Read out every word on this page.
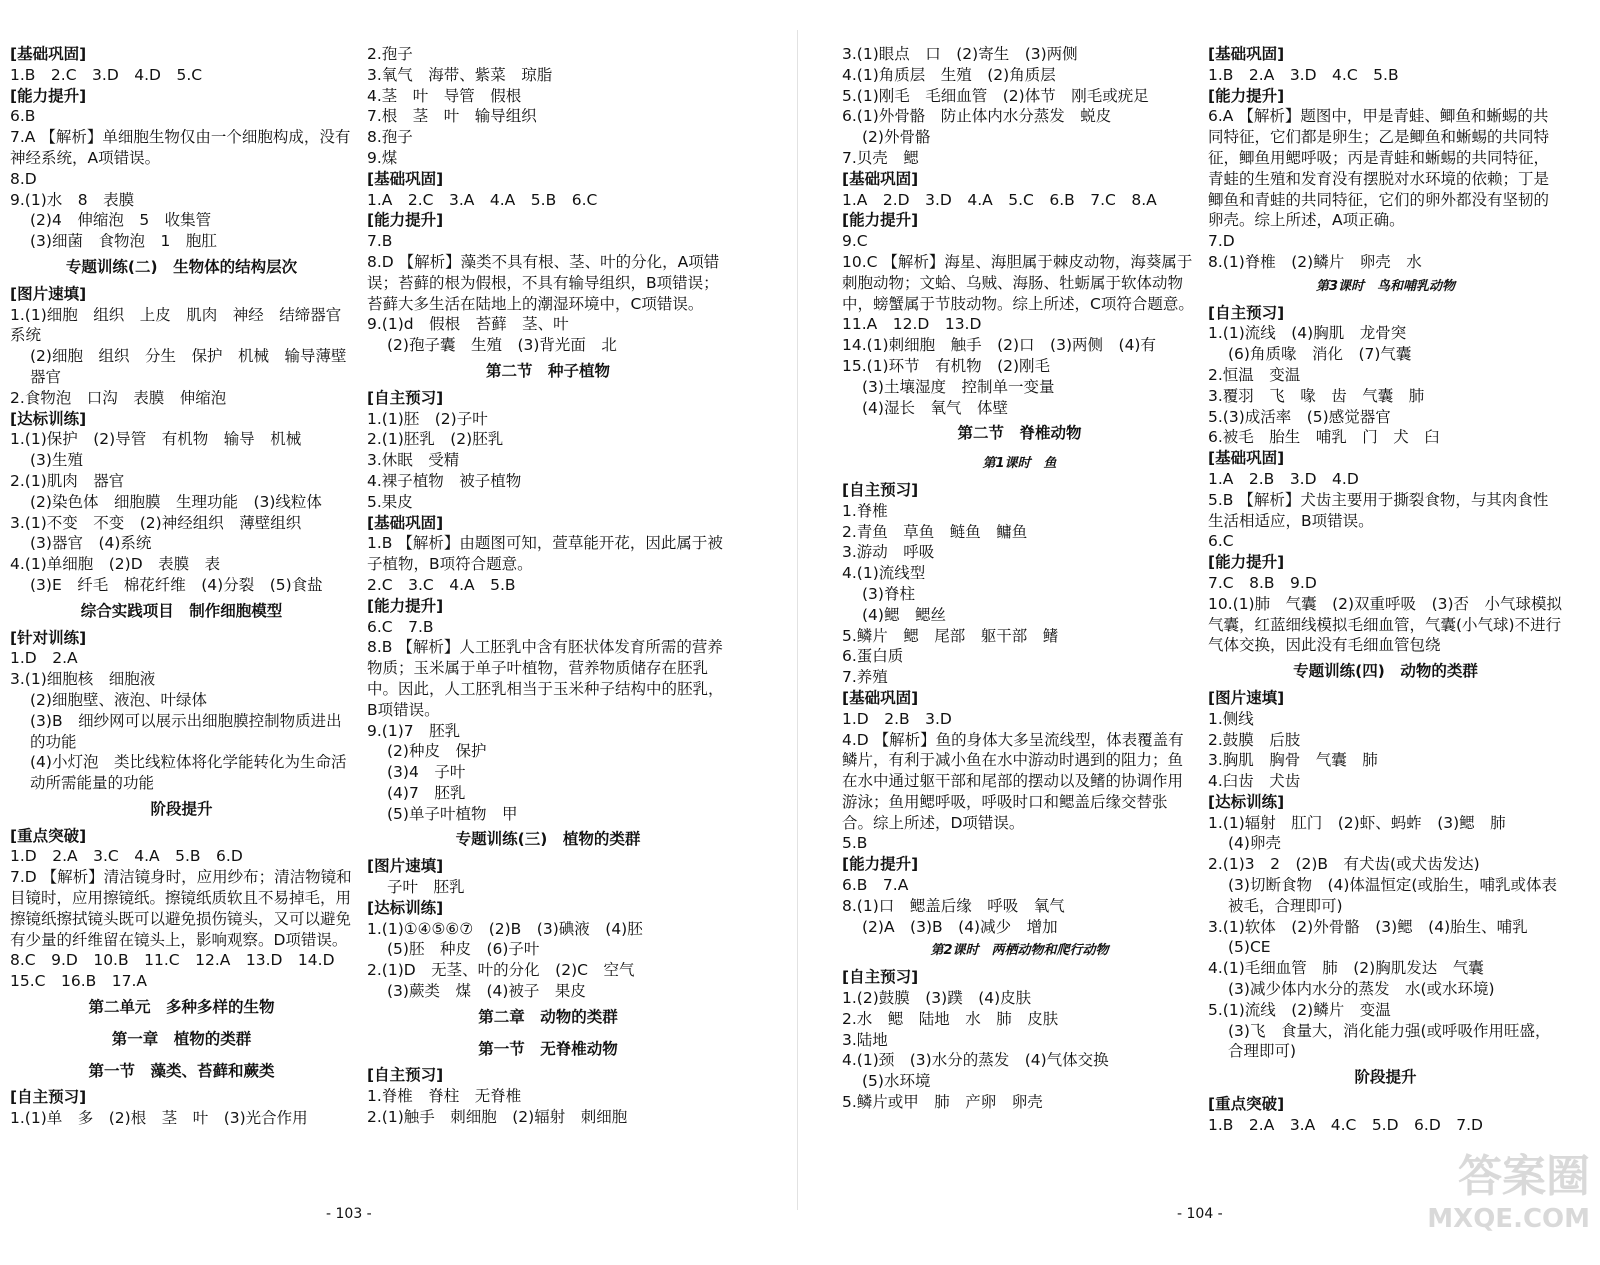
[基础巩固]
1.B　2.C　3.D　4.D　5.C
[能力提升]
6.B
7.A 【解析】单细胞生物仅由一个细胞构成，没有神经系统，A项错误。
8.D
9.(1)水　8　表膜
(2)4　伸缩泡　5　收集管
(3)细菌　食物泡　1　胞肛
专题训练(二)　生物体的结构层次
[图片速填]
1.(1)细胞　组织　上皮　肌肉　神经　结缔器官　系统
(2)细胞　组织　分生　保护　机械　输导薄壁　器官
2.食物泡　口沟　表膜　伸缩泡
[达标训练]
1.(1)保护　(2)导管　有机物　输导　机械
(3)生殖
2.(1)肌肉　器官
(2)染色体　细胞膜　生理功能　(3)线粒体
3.(1)不变　不变　(2)神经组织　薄壁组织
(3)器官　(4)系统
4.(1)单细胞　(2)D　表膜　表
(3)E　纤毛　棉花纤维　(4)分裂　(5)食盐
综合实践项目　制作细胞模型
[针对训练]
1.D　2.A
3.(1)细胞核　细胞液
(2)细胞壁、液泡、叶绿体
(3)B　细纱网可以展示出细胞膜控制物质进出的功能
(4)小灯泡　类比线粒体将化学能转化为生命活动所需能量的功能
阶段提升
[重点突破]
1.D　2.A　3.C　4.A　5.B　6.D
7.D 【解析】清洁镜身时，应用纱布；清洁物镜和目镜时，应用擦镜纸。擦镜纸质软且不易掉毛，用擦镜纸擦拭镜头既可以避免损伤镜头，又可以避免有少量的纤维留在镜头上，影响观察。D项错误。
8.C　9.D　10.B　11.C　12.A　13.D　14.D
15.C　16.B　17.A
第二单元　多种多样的生物
第一章　植物的类群
第一节　藻类、苔藓和蕨类
[自主预习]
1.(1)单　多　(2)根　茎　叶　(3)光合作用
2.孢子
3.氧气　海带、紫菜　琼脂
4.茎　叶　导管　假根
7.根　茎　叶　输导组织
8.孢子
9.煤
[基础巩固]
1.A　2.C　3.A　4.A　5.B　6.C
[能力提升]
7.B
8.D 【解析】藻类不具有根、茎、叶的分化，A项错误；苔藓的根为假根，不具有输导组织，B项错误；苔藓大多生活在陆地上的潮湿环境中，C项错误。
9.(1)d　假根　苔藓　茎、叶
(2)孢子囊　生殖　(3)背光面　北
第二节　种子植物
[自主预习]
1.(1)胚　(2)子叶
2.(1)胚乳　(2)胚乳
3.休眠　受精
4.裸子植物　被子植物
5.果皮
[基础巩固]
1.B 【解析】由题图可知，萱草能开花，因此属于被子植物，B项符合题意。
2.C　3.C　4.A　5.B
[能力提升]
6.C　7.B
8.B 【解析】人工胚乳中含有胚状体发育所需的营养物质；玉米属于单子叶植物，营养物质储存在胚乳中。因此，人工胚乳相当于玉米种子结构中的胚乳，B项错误。
9.(1)7　胚乳
(2)种皮　保护
(3)4　子叶
(4)7　胚乳
(5)单子叶植物　甲
专题训练(三)　植物的类群
[图片速填]
子叶　胚乳
[达标训练]
1.(1)①④⑤⑥⑦　(2)B　(3)碘液　(4)胚
(5)胚　种皮　(6)子叶
2.(1)D　无茎、叶的分化　(2)C　空气
(3)蕨类　煤　(4)被子　果皮
第二章　动物的类群
第一节　无脊椎动物
[自主预习]
1.脊椎　脊柱　无脊椎
2.(1)触手　刺细胞　(2)辐射　刺细胞
3.(1)眼点　口　(2)寄生　(3)两侧
4.(1)角质层　生殖　(2)角质层
5.(1)刚毛　毛细血管　(2)体节　刚毛或疣足
6.(1)外骨骼　防止体内水分蒸发　蜕皮
(2)外骨骼
7.贝壳　鳃
[基础巩固]
1.A　2.D　3.D　4.A　5.C　6.B　7.C　8.A
[能力提升]
9.C
10.C 【解析】海星、海胆属于棘皮动物，海葵属于刺胞动物；文蛤、乌贼、海肠、牡蛎属于软体动物中，螃蟹属于节肢动物。综上所述，C项符合题意。
11.A　12.D　13.D
14.(1)刺细胞　触手　(2)口　(3)两侧　(4)有
15.(1)环节　有机物　(2)刚毛
(3)土壤湿度　控制单一变量
(4)湿长　氧气　体壁
第二节　脊椎动物
第1课时　鱼
[自主预习]
1.脊椎
2.青鱼　草鱼　鲢鱼　鳙鱼
3.游动　呼吸
4.(1)流线型
(3)脊柱
(4)鳃　鳃丝
5.鳞片　鳃　尾部　躯干部　鳍
6.蛋白质
7.养殖
[基础巩固]
1.D　2.B　3.D
4.D 【解析】鱼的身体大多呈流线型，体表覆盖有鳞片，有利于减小鱼在水中游动时遇到的阻力；鱼在水中通过躯干部和尾部的摆动以及鳍的协调作用游泳；鱼用鳃呼吸，呼吸时口和鳃盖后缘交替张合。综上所述，D项错误。
5.B
[能力提升]
6.B　7.A
8.(1)口　鳃盖后缘　呼吸　氧气
(2)A　(3)B　(4)减少　增加
第2课时　两栖动物和爬行动物
[自主预习]
1.(2)鼓膜　(3)蹼　(4)皮肤
2.水　鳃　陆地　水　肺　皮肤
3.陆地
4.(1)颈　(3)水分的蒸发　(4)气体交换
(5)水环境
5.鳞片或甲　肺　产卵　卵壳
[基础巩固]
1.B　2.A　3.D　4.C　5.B
[能力提升]
6.A 【解析】题图中，甲是青蛙、鲫鱼和蜥蜴的共同特征，它们都是卵生；乙是鲫鱼和蜥蜴的共同特征，鲫鱼用鳃呼吸；丙是青蛙和蜥蜴的共同特征，青蛙的生殖和发育没有摆脱对水环境的依赖；丁是鲫鱼和青蛙的共同特征，它们的卵外都没有坚韧的卵壳。综上所述，A项正确。
7.D
8.(1)脊椎　(2)鳞片　卵壳　水
第3课时　鸟和哺乳动物
[自主预习]
1.(1)流线　(4)胸肌　龙骨突
(6)角质喙　消化　(7)气囊
2.恒温　变温
3.覆羽　飞　喙　齿　气囊　肺
5.(3)成活率　(5)感觉器官
6.被毛　胎生　哺乳　门　犬　臼
[基础巩固]
1.A　2.B　3.D　4.D
5.B 【解析】犬齿主要用于撕裂食物，与其肉食性生活相适应，B项错误。
6.C
[能力提升]
7.C　8.B　9.D
10.(1)肺　气囊　(2)双重呼吸　(3)否　小气球模拟气囊，红蓝细线模拟毛细血管，气囊(小气球)不进行气体交换，因此没有毛细血管包绕
专题训练(四)　动物的类群
[图片速填]
1.侧线
2.鼓膜　后肢
3.胸肌　胸骨　气囊　肺
4.臼齿　犬齿
[达标训练]
1.(1)辐射　肛门　(2)虾、蚂蚱　(3)鳃　肺
(4)卵壳
2.(1)3　2　(2)B　有犬齿(或犬齿发达)
(3)切断食物　(4)体温恒定(或胎生，哺乳或体表被毛，合理即可)
3.(1)软体　(2)外骨骼　(3)鳃　(4)胎生、哺乳
(5)CE
4.(1)毛细血管　肺　(2)胸肌发达　气囊
(3)减少体内水分的蒸发　水(或水环境)
5.(1)流线　(2)鳞片　变温
(3)飞　食量大，消化能力强(或呼吸作用旺盛，合理即可)
阶段提升
[重点突破]
1.B　2.A　3.A　4.C　5.D　6.D　7.D
- 103 -	- 104 -
答案圈
MXQE.COM
